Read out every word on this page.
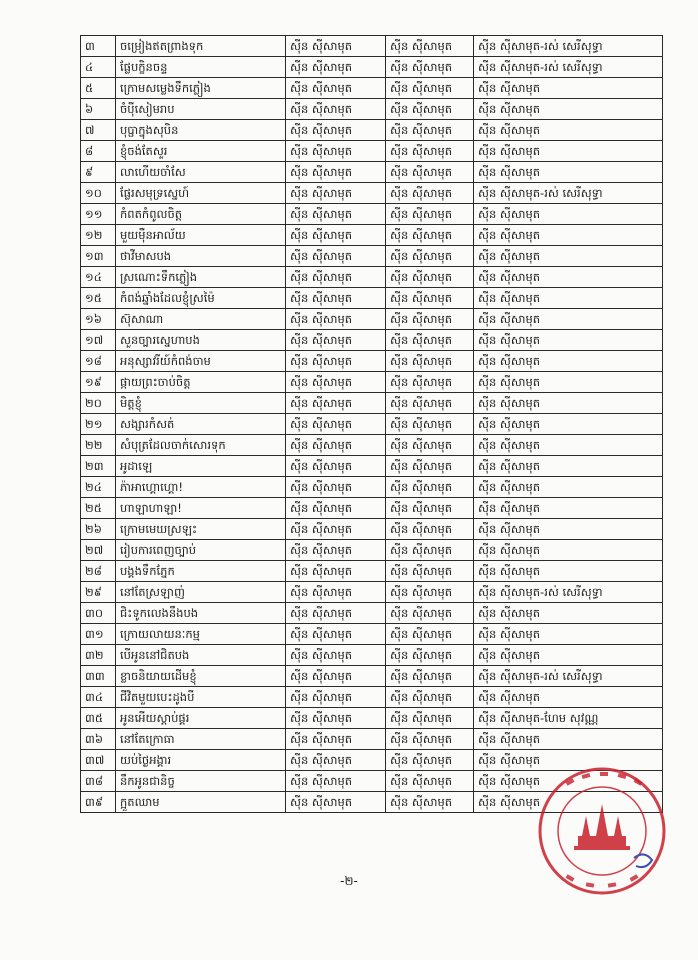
៣	ចម្រៀងឥតព្រាងទុក	ស៊ីន ស៊ីសាមុត	ស៊ីន ស៊ីសាមុត	ស៊ីន ស៊ីសាមុត-រស់ សេរីសុទ្ធា
៤	ផ្លែបក្ខិនចន្ទ	ស៊ីន ស៊ីសាមុត	ស៊ីន ស៊ីសាមុត	ស៊ីន ស៊ីសាមុត-រស់ សេរីសុទ្ធា
៥	ក្រោមសម្លេងទឹកភ្លៀង	ស៊ីន ស៊ីសាមុត	ស៊ីន ស៊ីសាមុត	ស៊ីន ស៊ីសាមុត
៦	ចំប៉ីសៀមរាប	ស៊ីន ស៊ីសាមុត	ស៊ីន ស៊ីសាមុត	ស៊ីន ស៊ីសាមុត
៧	បុប្ផាក្នុងសុបិន	ស៊ីន ស៊ីសាមុត	ស៊ីន ស៊ីសាមុត	ស៊ីន ស៊ីសាមុត
៨	ខ្ញុំចង់តែសួរ	ស៊ីន ស៊ីសាមុត	ស៊ីន ស៊ីសាមុត	ស៊ីន ស៊ីសាមុត
៩	លាហើយចាំសែ	ស៊ីន ស៊ីសាមុត	ស៊ីន ស៊ីសាមុត	ស៊ីន ស៊ីសាមុត
១០	ផ្លែរសមុទ្រស្នេហ៍	ស៊ីន ស៊ីសាមុត	ស៊ីន ស៊ីសាមុត	ស៊ីន ស៊ីសាមុត-រស់ សេរីសុទ្ធា
១១	កំពតកំពូលចិត្ត	ស៊ីន ស៊ីសាមុត	ស៊ីន ស៊ីសាមុត	ស៊ីន ស៊ីសាមុត
១២	មួយម៉ឺនអាល័យ	ស៊ីន ស៊ីសាមុត	ស៊ីន ស៊ីសាមុត	ស៊ីន ស៊ីសាមុត
១៣	ថាវីមាសបង	ស៊ីន ស៊ីសាមុត	ស៊ីន ស៊ីសាមុត	ស៊ីន ស៊ីសាមុត
១៤	ស្រណោះទឹកភ្លៀង	ស៊ីន ស៊ីសាមុត	ស៊ីន ស៊ីសាមុត	ស៊ីន ស៊ីសាមុត
១៥	កំពង់ឆ្នាំងដែលខ្ញុំស្រម៉ៃ	ស៊ីន ស៊ីសាមុត	ស៊ីន ស៊ីសាមុត	ស៊ីន ស៊ីសាមុត
១៦	ស៊ុសាណា	ស៊ីន ស៊ីសាមុត	ស៊ីន ស៊ីសាមុត	ស៊ីន ស៊ីសាមុត
១៧	សួនច្បារស្នេហាបង	ស៊ីន ស៊ីសាមុត	ស៊ីន ស៊ីសាមុត	ស៊ីន ស៊ីសាមុត
១៨	អនុស្សាវរីយ៍កំពង់ចាម	ស៊ីន ស៊ីសាមុត	ស៊ីន ស៊ីសាមុត	ស៊ីន ស៊ីសាមុត
១៩	ផ្កាយព្រះចាប់ចិត្ត	ស៊ីន ស៊ីសាមុត	ស៊ីន ស៊ីសាមុត	ស៊ីន ស៊ីសាមុត
២០	មិត្តខ្ញុំ	ស៊ីន ស៊ីសាមុត	ស៊ីន ស៊ីសាមុត	ស៊ីន ស៊ីសាមុត
២១	សង្សារកំសត់	ស៊ីន ស៊ីសាមុត	ស៊ីន ស៊ីសាមុត	ស៊ីន ស៊ីសាមុត
២២	សំបុត្រដែលចាក់សោរទុក	ស៊ីន ស៊ីសាមុត	ស៊ីន ស៊ីសាមុត	ស៊ីន ស៊ីសាមុត
២៣	អូដាឡេ	ស៊ីន ស៊ីសាមុត	ស៊ីន ស៊ីសាមុត	ស៊ីន ស៊ីសាមុត
២៤	ភ៉ាអាហ្គោហ្គោ!	ស៊ីន ស៊ីសាមុត	ស៊ីន ស៊ីសាមុត	ស៊ីន ស៊ីសាមុត
២៥	ហាឡាហាឡា!	ស៊ីន ស៊ីសាមុត	ស៊ីន ស៊ីសាមុត	ស៊ីន ស៊ីសាមុត
២៦	ក្រោមមេឃស្រឡះ	ស៊ីន ស៊ីសាមុត	ស៊ីន ស៊ីសាមុត	ស៊ីន ស៊ីសាមុត
២៧	រៀបការពេញច្បាប់	ស៊ីន ស៊ីសាមុត	ស៊ីន ស៊ីសាមុត	ស៊ីន ស៊ីសាមុត
២៨	បង្គងទឹកភ្នែក	ស៊ីន ស៊ីសាមុត	ស៊ីន ស៊ីសាមុត	ស៊ីន ស៊ីសាមុត
២៩	នៅតែស្រឡាញ់	ស៊ីន ស៊ីសាមុត	ស៊ីន ស៊ីសាមុត	ស៊ីន ស៊ីសាមុត-រស់ សេរីសុទ្ធា
៣០	ជិះទូកលេងនឹងបង	ស៊ីន ស៊ីសាមុត	ស៊ីន ស៊ីសាមុត	ស៊ីន ស៊ីសាមុត
៣១	ក្រោយលាយនៈកម្ម	ស៊ីន ស៊ីសាមុត	ស៊ីន ស៊ីសាមុត	ស៊ីន ស៊ីសាមុត
៣២	បើអូននៅជិតបង	ស៊ីន ស៊ីសាមុត	ស៊ីន ស៊ីសាមុត	ស៊ីន ស៊ីសាមុត
៣៣	ខ្លាចនិយាយដើមខ្ញុំ	ស៊ីន ស៊ីសាមុត	ស៊ីន ស៊ីសាមុត	ស៊ីន ស៊ីសាមុត-រស់ សេរីសុទ្ធា
៣៤	ជីវិតមួយបេះដូងបី	ស៊ីន ស៊ីសាមុត	ស៊ីន ស៊ីសាមុត	ស៊ីន ស៊ីសាមុត
៣៥	អូនអើយស្តាប់ផ្គរ	ស៊ីន ស៊ីសាមុត	ស៊ីន ស៊ីសាមុត	ស៊ីន ស៊ីសាមុត-ហែម សុវណ្ណ
៣៦	នៅតែក្រោធា	ស៊ីន ស៊ីសាមុត	ស៊ីន ស៊ីសាមុត	ស៊ីន ស៊ីសាមុត
៣៧	យប់ថ្ងៃអង្គារ	ស៊ីន ស៊ីសាមុត	ស៊ីន ស៊ីសាមុត	ស៊ីន ស៊ីសាមុត
៣៨	នឹកអូនជានិច្ច	ស៊ីន ស៊ីសាមុត	ស៊ីន ស៊ីសាមុត	ស៊ីន ស៊ីសាមុត
៣៩	ក្អួតឈាម	ស៊ីន ស៊ីសាមុត	ស៊ីន ស៊ីសាមុត	ស៊ីន ស៊ីសាមុត
-២-
